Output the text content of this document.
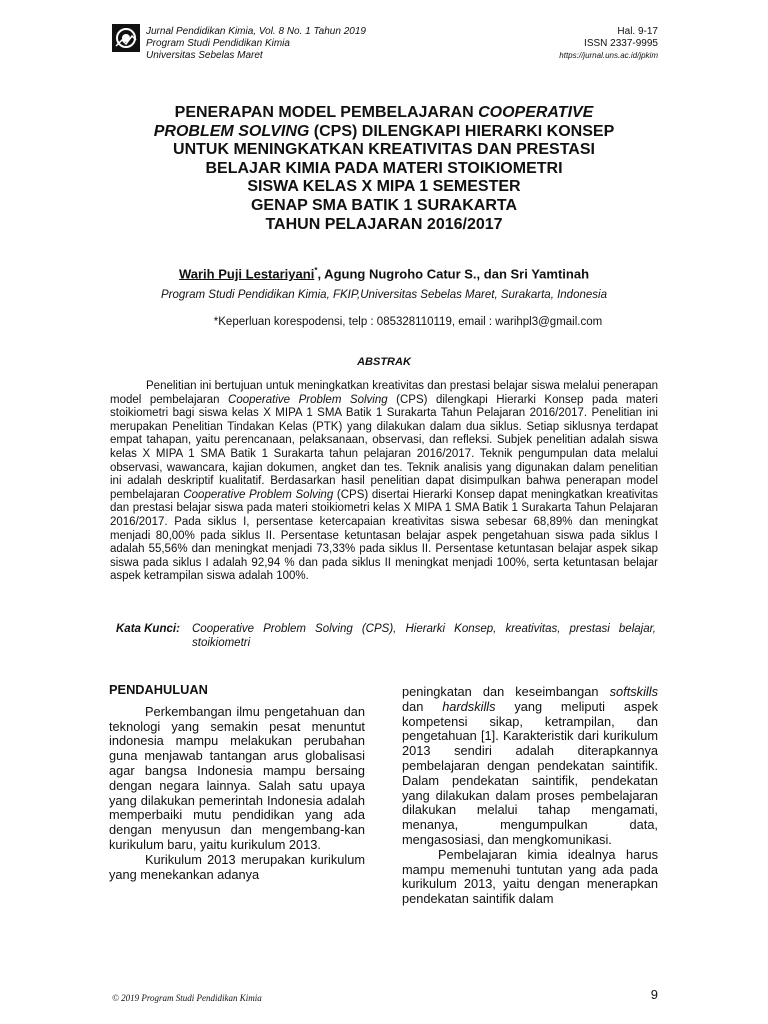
Jurnal Pendidikan Kimia, Vol. 8 No. 1 Tahun 2019
Program Studi Pendidikan Kimia
Universitas Sebelas Maret
Hal. 9-17
ISSN 2337-9995
https://jurnal.uns.ac.id/jpkim
PENERAPAN MODEL PEMBELAJARAN COOPERATIVE
PROBLEM SOLVING (CPS) DILENGKAPI HIERARKI KONSEP
UNTUK MENINGKATKAN KREATIVITAS DAN PRESTASI
BELAJAR KIMIA PADA MATERI STOIKIOMETRI
SISWA KELAS X MIPA 1 SEMESTER
GENAP SMA BATIK 1 SURAKARTA
TAHUN PELAJARAN 2016/2017
Warih Puji Lestariyani*, Agung Nugroho Catur S., dan Sri Yamtinah
Program Studi Pendidikan Kimia, FKIP,Universitas Sebelas Maret, Surakarta, Indonesia
*Keperluan korespodensi, telp : 085328110119, email : warihpl3@gmail.com
ABSTRAK

Penelitian ini bertujuan untuk meningkatkan kreativitas dan prestasi belajar siswa melalui penerapan model pembelajaran Cooperative Problem Solving (CPS) dilengkapi Hierarki Konsep pada materi stoikiometri bagi siswa kelas X MIPA 1 SMA Batik 1 Surakarta Tahun Pelajaran 2016/2017. Penelitian ini merupakan Penelitian Tindakan Kelas (PTK) yang dilakukan dalam dua siklus. Setiap siklusnya terdapat empat tahapan, yaitu perencanaan, pelaksanaan, observasi, dan refleksi. Subjek penelitian adalah siswa kelas X MIPA 1 SMA Batik 1 Surakarta tahun pelajaran 2016/2017. Teknik pengumpulan data melalui observasi, wawancara, kajian dokumen, angket dan tes. Teknik analisis yang digunakan dalam penelitian ini adalah deskriptif kualitatif. Berdasarkan hasil penelitian dapat disimpulkan bahwa penerapan model pembelajaran Cooperative Problem Solving (CPS) disertai Hierarki Konsep dapat meningkatkan kreativitas dan prestasi belajar siswa pada materi stoikiometri kelas X MIPA 1 SMA Batik 1 Surakarta Tahun Pelajaran 2016/2017. Pada siklus I, persentase ketercapaian kreativitas siswa sebesar 68,89% dan meningkat menjadi 80,00% pada siklus II. Persentase ketuntasan belajar aspek pengetahuan siswa pada siklus I adalah 55,56% dan meningkat menjadi 73,33% pada siklus II. Persentase ketuntasan belajar aspek sikap siswa pada siklus I adalah 92,94 % dan pada siklus II meningkat menjadi 100%, serta ketuntasan belajar aspek ketrampilan siswa adalah 100%.

Kata Kunci:	Cooperative Problem Solving (CPS), Hierarki Konsep, kreativitas, prestasi belajar, stoikiometri
PENDAHULUAN

Perkembangan ilmu pengetahuan dan teknologi yang semakin pesat menuntut indonesia mampu melakukan perubahan guna menjawab tantangan arus globalisasi agar bangsa Indonesia mampu bersaing dengan negara lainnya. Salah satu upaya yang dilakukan pemerintah Indonesia adalah memperbaiki mutu pendidikan yang ada dengan menyusun dan mengembang-kan kurikulum baru, yaitu kurikulum 2013.

Kurikulum 2013 merupakan kurikulum yang menekankan adanya

peningkatan dan keseimbangan softskills dan hardskills yang meliputi aspek kompetensi sikap, ketrampilan, dan pengetahuan [1]. Karakteristik dari kurikulum 2013 sendiri adalah diterapkannya pembelajaran dengan pendekatan saintifik. Dalam pendekatan saintifik, pendekatan yang dilakukan dalam proses pembelajaran dilakukan melalui tahap mengamati, menanya, mengumpulkan data, mengasosiasi, dan mengkomunikasi.

Pembelajaran kimia idealnya harus mampu memenuhi tuntutan yang ada pada kurikulum 2013, yaitu dengan menerapkan pendekatan saintifik dalam

© 2019 Program Studi Pendidikan Kimia	9
